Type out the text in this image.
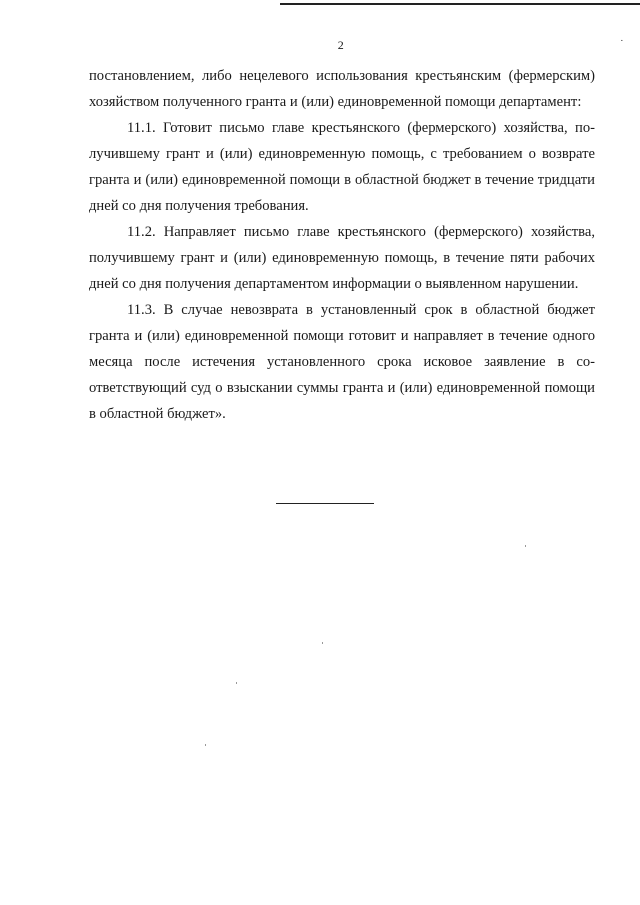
˙
2

постановлением, либо нецелевого использования крестьянским (фермерским) хозяйством полученного гранта и (или) единовременной помощи департамент:

11.1. Готовит письмо главе крестьянского (фермерского) хозяйства, получившему грант и (или) единовременную помощь, с требованием о возврате гранта и (или) единовременной помощи в областной бюджет в течение тридцати дней со дня получения требования.

11.2. Направляет письмо главе крестьянского (фермерского) хозяйства, получившему грант и (или) единовременную помощь, в течение пяти рабочих дней со дня получения департаментом информации о выявленном нарушении.

11.3. В случае невозврата в установленный срок в областной бюджет гранта и (или) единовременной помощи готовит и направляет в течение одного месяца после истечения установленного срока исковое заявление в соответствующий суд о взыскании суммы гранта и (или) единовременной помощи в областной бюджет».
